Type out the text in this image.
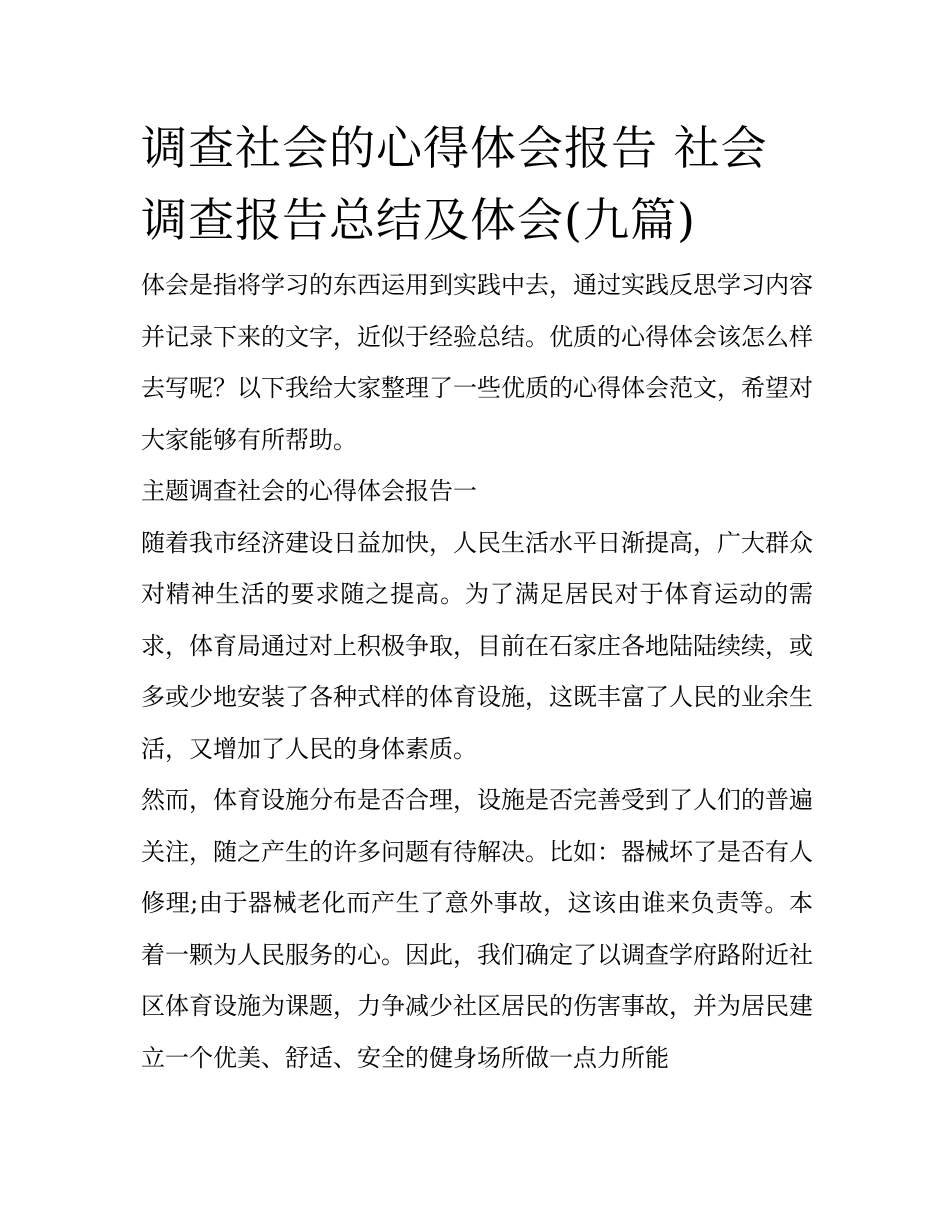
调查社会的心得体会报告 社会
调查报告总结及体会(九篇)

体会是指将学习的东西运用到实践中去，通过实践反思学习内容并记录下来的文字，近似于经验总结。优质的心得体会该怎么样去写呢？以下我给大家整理了一些优质的心得体会范文，希望对大家能够有所帮助。

主题调查社会的心得体会报告一

随着我市经济建设日益加快，人民生活水平日渐提高，广大群众对精神生活的要求随之提高。为了满足居民对于体育运动的需求，体育局通过对上积极争取，目前在石家庄各地陆陆续续，或多或少地安装了各种式样的体育设施，这既丰富了人民的业余生活，又增加了人民的身体素质。

然而，体育设施分布是否合理，设施是否完善受到了人们的普遍关注，随之产生的许多问题有待解决。比如：器械坏了是否有人修理;由于器械老化而产生了意外事故，这该由谁来负责等。本着一颗为人民服务的心。因此，我们确定了以调查学府路附近社区体育设施为课题，力争减少社区居民的伤害事故，并为居民建立一个优美、舒适、安全的健身场所做一点力所能
